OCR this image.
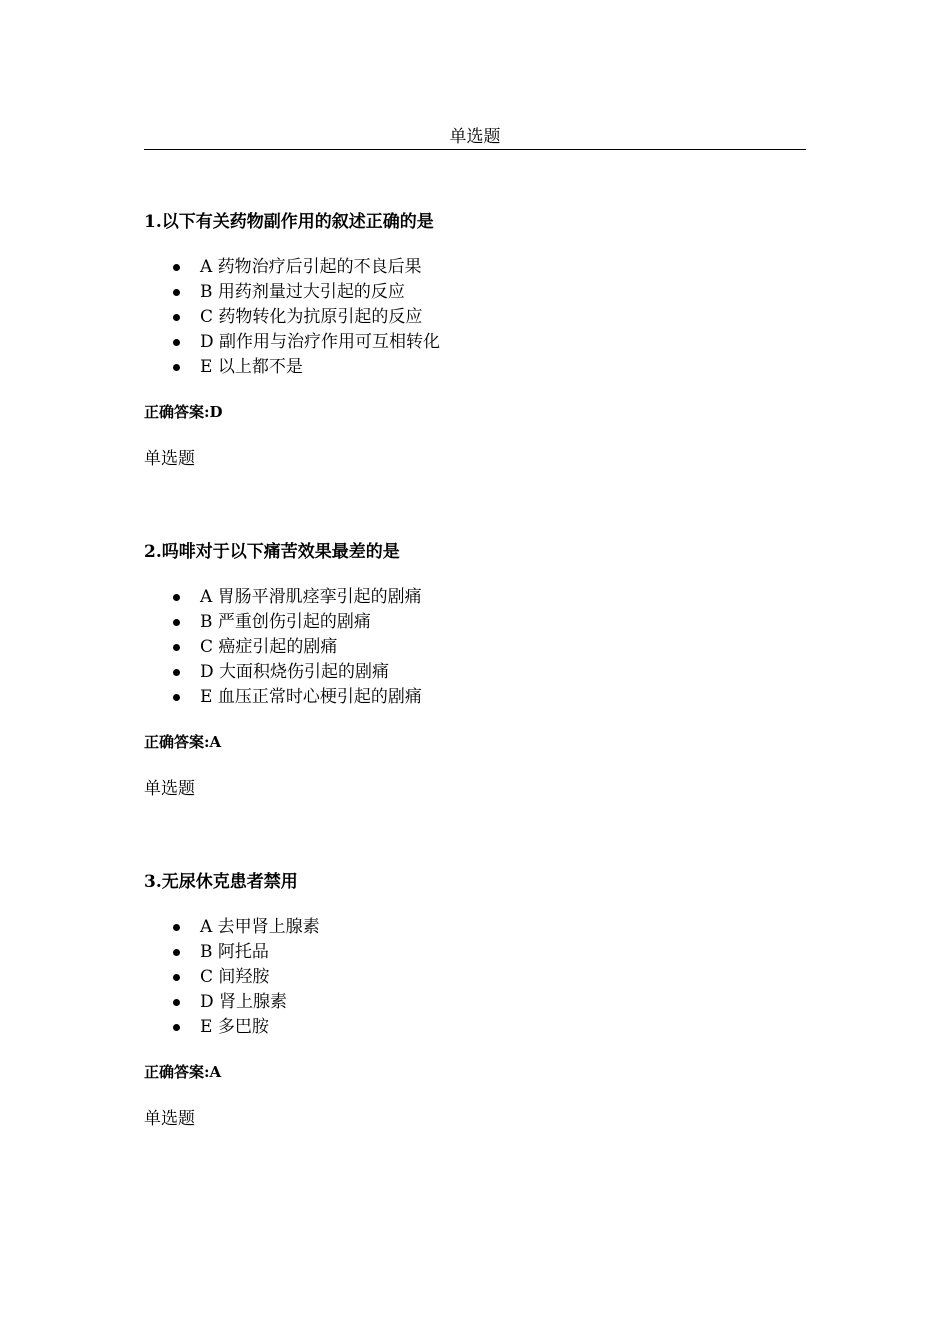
单选题

1.以下有关药物副作用的叙述正确的是

A 药物治疗后引起的不良后果
B 用药剂量过大引起的反应
C 药物转化为抗原引起的反应
D 副作用与治疗作用可互相转化
E 以上都不是

正确答案:D

单选题

2.吗啡对于以下痛苦效果最差的是

A 胃肠平滑肌痉挛引起的剧痛
B 严重创伤引起的剧痛
C 癌症引起的剧痛
D 大面积烧伤引起的剧痛
E 血压正常时心梗引起的剧痛

正确答案:A

单选题

3.无尿休克患者禁用

A 去甲肾上腺素
B 阿托品
C 间羟胺
D 肾上腺素
E 多巴胺

正确答案:A

单选题
